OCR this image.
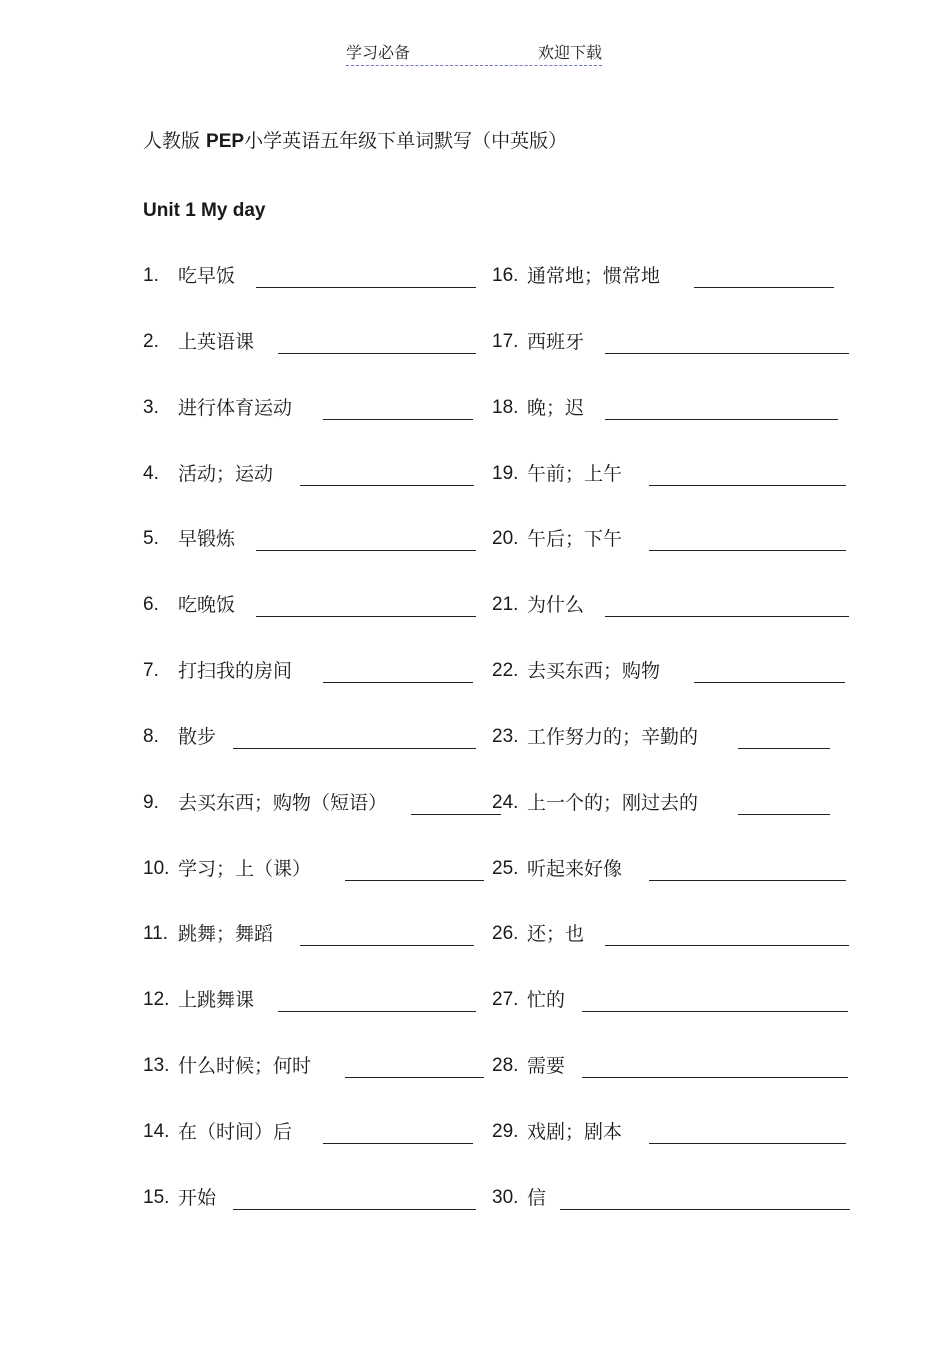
学习必备	欢迎下载
人教版 PEP小学英语五年级下单词默写（中英版）
Unit 1 My day
1. 吃早饭
2. 上英语课
3. 进行体育运动
4. 活动；运动
5. 早锻炼
6. 吃晚饭
7. 打扫我的房间
8. 散步
9. 去买东西；购物（短语）
10. 学习；上（课）
11. 跳舞；舞蹈
12. 上跳舞课
13. 什么时候；何时
14. 在（时间）后
15. 开始
16. 通常地；惯常地
17. 西班牙
18. 晚；迟
19. 午前；上午
20. 午后；下午
21. 为什么
22. 去买东西；购物
23. 工作努力的；辛勤的
24. 上一个的；刚过去的
25. 听起来好像
26. 还；也
27. 忙的
28. 需要
29. 戏剧；剧本
30. 信
